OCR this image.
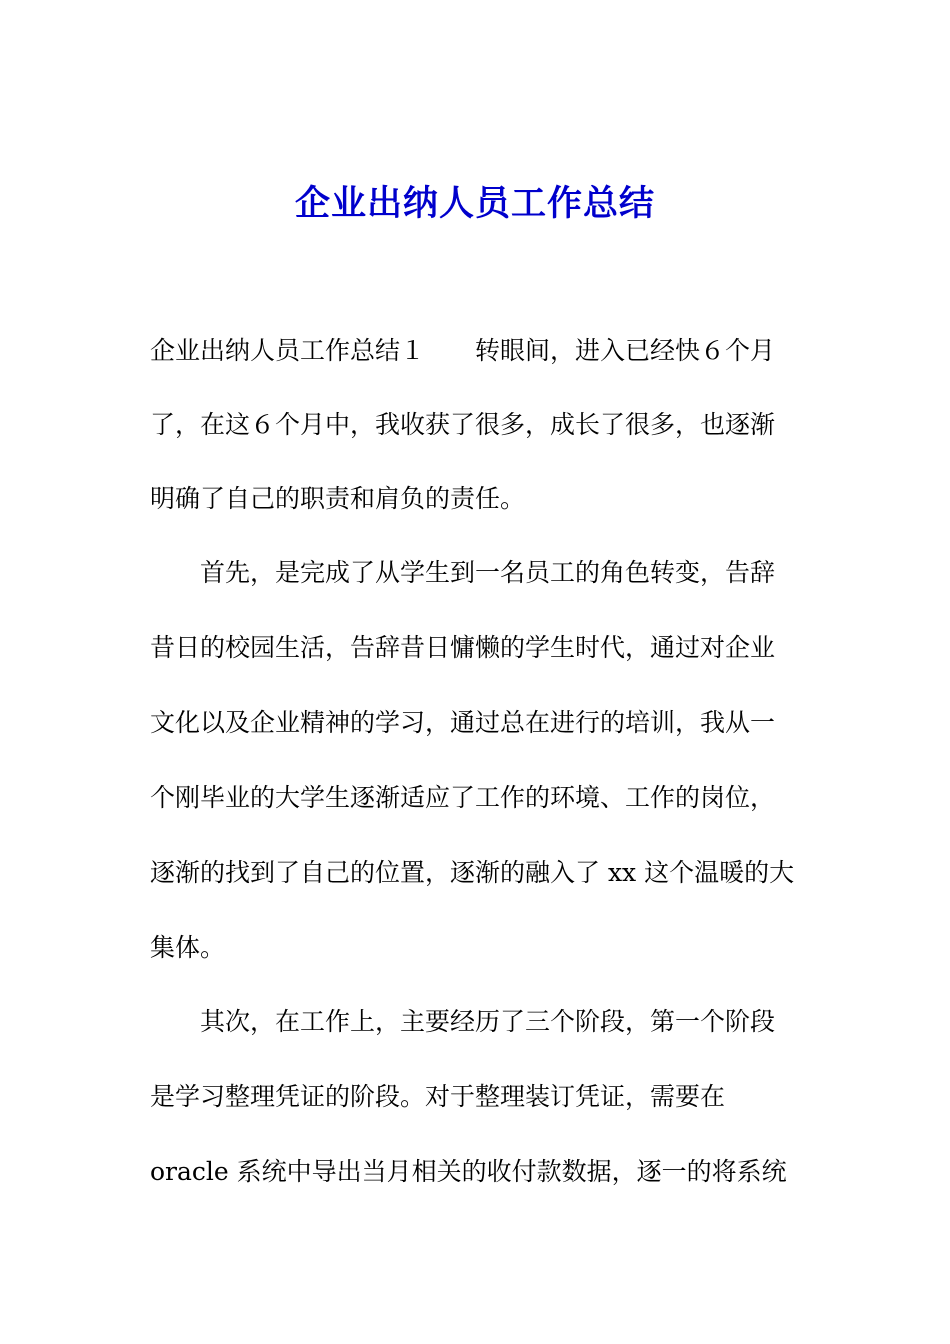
企业出纳人员工作总结
企业出纳人员工作总结１　　转眼间，进入已经快６个月
了，在这６个月中，我收获了很多，成长了很多，也逐渐
明确了自己的职责和肩负的责任。
　　首先，是完成了从学生到一名员工的角色转变，告辞
昔日的校园生活，告辞昔日慵懒的学生时代，通过对企业
文化以及企业精神的学习，通过总在进行的培训，我从一
个刚毕业的大学生逐渐适应了工作的环境、工作的岗位，
逐渐的找到了自己的位置，逐渐的融入了 xx 这个温暖的大
集体。
　　其次，在工作上，主要经历了三个阶段，第一个阶段
是学习整理凭证的阶段。对于整理装订凭证，需要在
oracle 系统中导出当月相关的收付款数据，逐一的将系统
